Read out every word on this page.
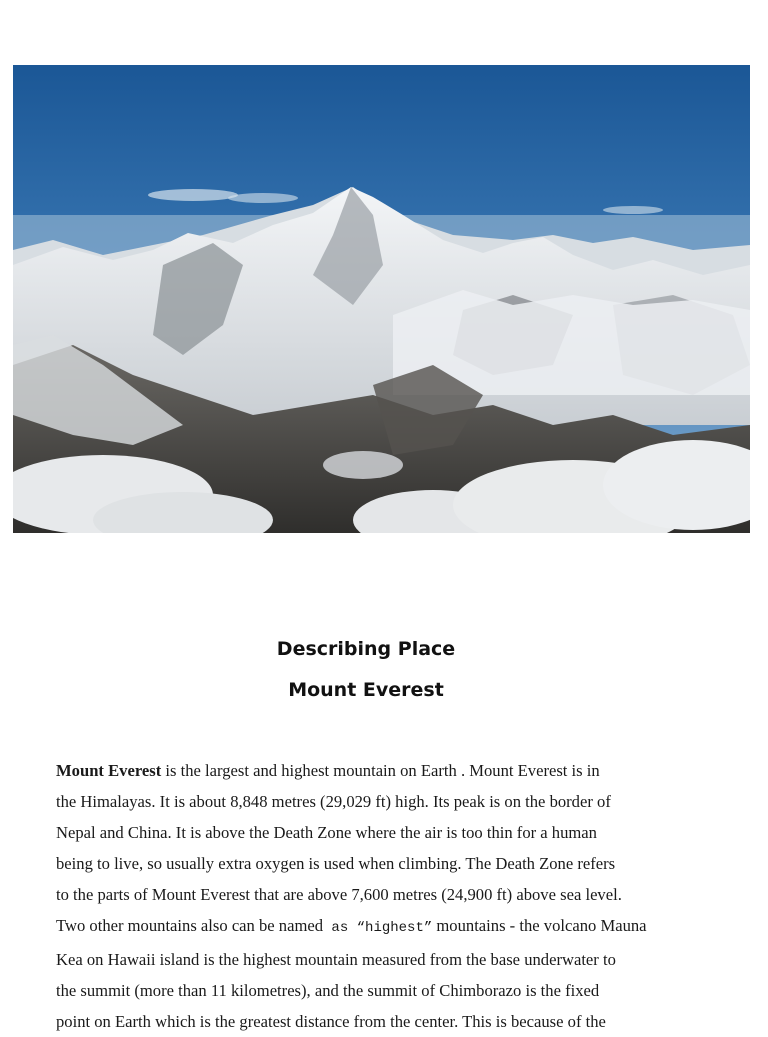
Describing Place
Mount Everest
Mount Everest is the largest and highest mountain on Earth . Mount Everest is in
the Himalayas. It is about 8,848 metres (29,029 ft) high. Its peak is on the border of
Nepal and China. It is above the Death Zone where the air is too thin for a human
being to live, so usually extra oxygen is used when climbing. The Death Zone refers
to the parts of Mount Everest that are above 7,600 metres (24,900 ft) above sea level.
Two other mountains also can be named as “highest” mountains - the volcano Mauna
Kea on Hawaii island is the highest mountain measured from the base underwater to
the summit (more than 11 kilometres), and the summit of Chimborazo is the fixed
point on Earth which is the greatest distance from the center. This is because of the
